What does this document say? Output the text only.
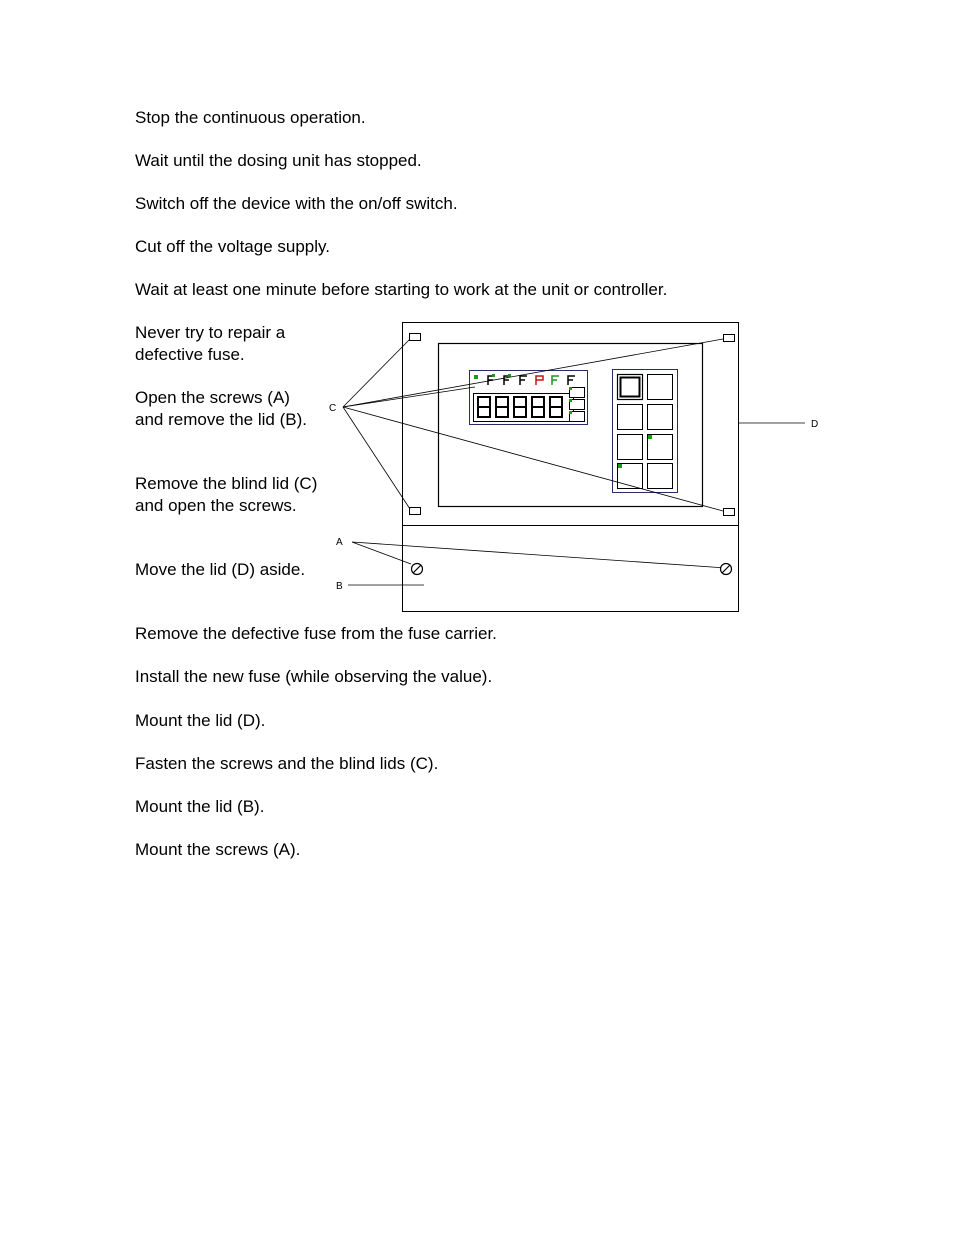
Stop the continuous operation.

Wait until the dosing unit has stopped.

Switch off the device with the on/off switch.

Cut off the voltage supply.

Wait at least one minute before starting to work at the unit or controller.

Never try to repair a defective fuse.

Open the screws (A) and remove the lid (B).

Remove the blind lid (C) and open the screws.

Move the lid (D) aside.

C
D
A
B

Remove the defective fuse from the fuse carrier.

Install the new fuse (while observing the value).

Mount the lid (D).

Fasten the screws and the blind lids (C).

Mount the lid (B).

Mount the screws (A).
